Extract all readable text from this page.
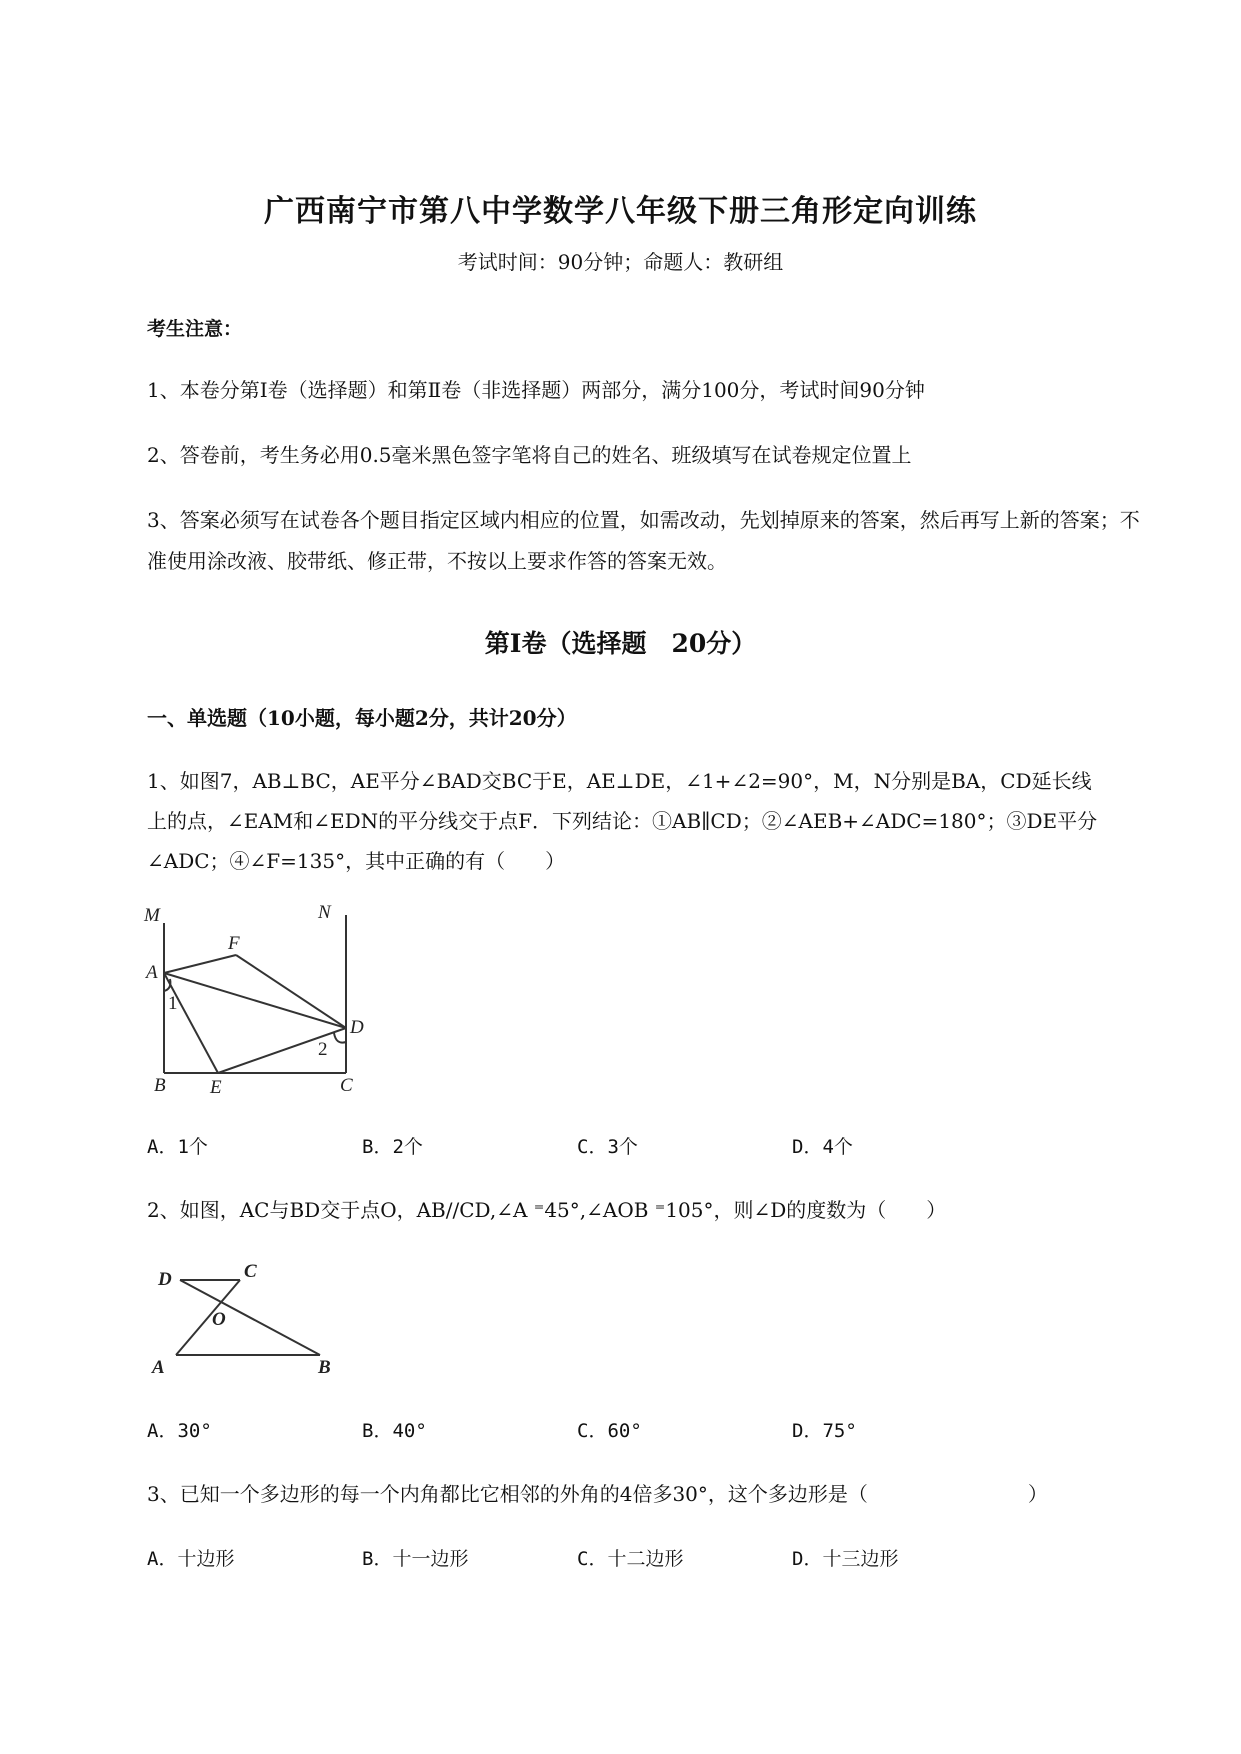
广西南宁市第八中学数学八年级下册三角形定向训练
考试时间：90分钟；命题人：教研组
考生注意：
1、本卷分第Ⅰ卷（选择题）和第Ⅱ卷（非选择题）两部分，满分100分，考试时间90分钟
2、答卷前，考生务必用0.5毫米黑色签字笔将自己的姓名、班级填写在试卷规定位置上
3、答案必须写在试卷各个题目指定区域内相应的位置，如需改动，先划掉原来的答案，然后再写上新的答案；不准使用涂改液、胶带纸、修正带，不按以上要求作答的答案无效。
第Ⅰ卷（选择题　20分）
一、单选题（10小题，每小题2分，共计20分）
1、如图7，AB⊥BC，AE平分∠BAD交BC于E，AE⊥DE，∠1+∠2=90°，M，N分别是BA，CD延长线
上的点，∠EAM和∠EDN的平分线交于点F．下列结论：①AB∥CD；②∠AEB+∠ADC=180°；③DE平分
∠ADC；④∠F=135°，其中正确的有（　　）
M	N
F
A
D
1
2
B E	C
A．1个	B．2个	C．3个	D．4个
2、如图，AC与BD交于点O，AB//CD,∠A ⁼45°,∠AOB ⁼105°，则∠D的度数为（　　）
D	C
O
A	B
A．30°	B．40°	C．60°	D．75°
3、已知一个多边形的每一个内角都比它相邻的外角的4倍多30°，这个多边形是（　　　　　　　　）
A．十边形	B．十一边形	C．十二边形	D．十三边形
